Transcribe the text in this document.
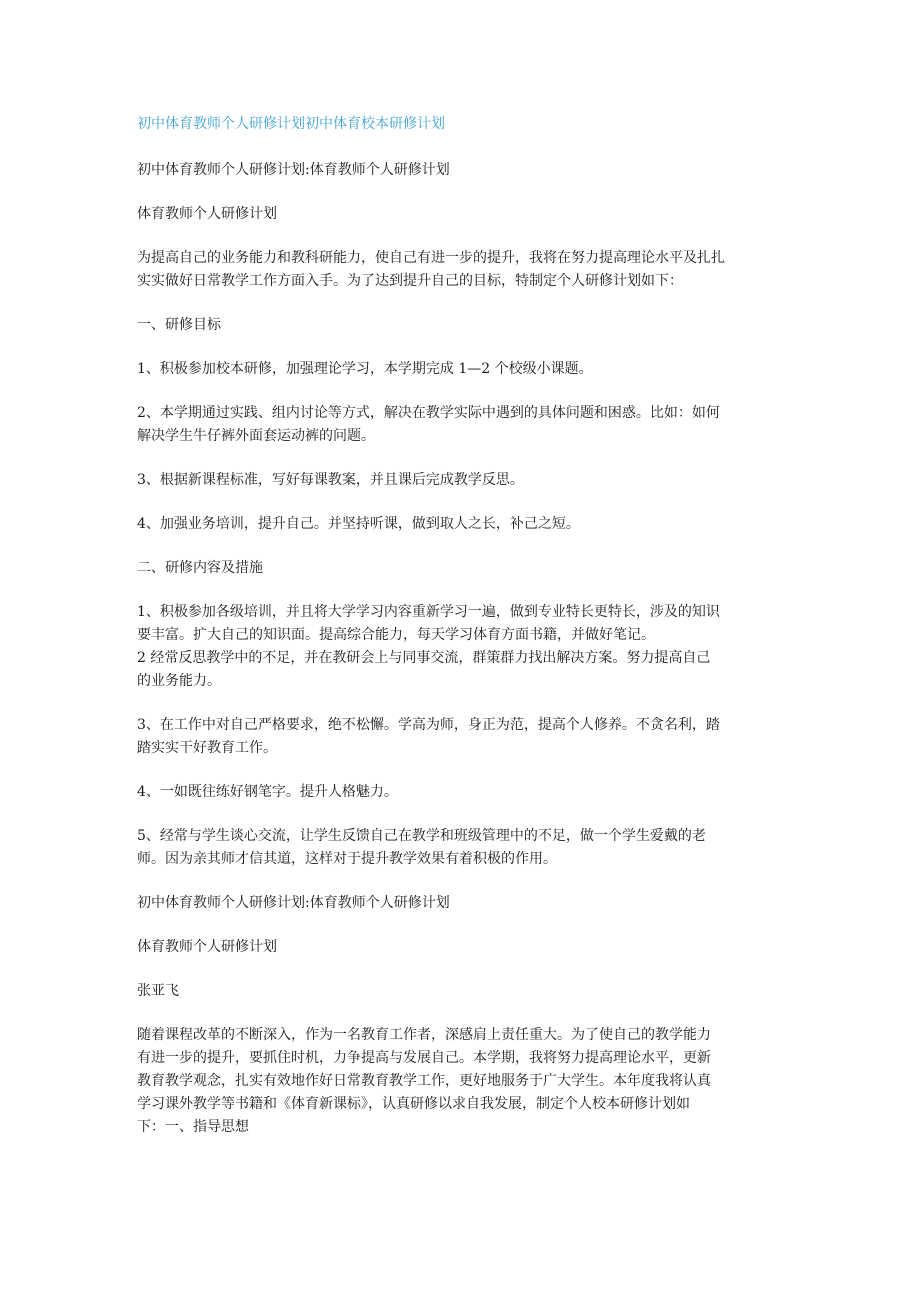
初中体育教师个人研修计划初中体育校本研修计划

初中体育教师个人研修计划:体育教师个人研修计划

体育教师个人研修计划

为提高自己的业务能力和教科研能力，使自己有进一步的提升，我将在努力提高理论水平及扎扎
实实做好日常教学工作方面入手。为了达到提升自己的目标，特制定个人研修计划如下：

一、研修目标

1、积极参加校本研修，加强理论学习，本学期完成 1—2 个校级小课题。

2、本学期通过实践、组内讨论等方式，解决在教学实际中遇到的具体问题和困惑。比如：如何
解决学生牛仔裤外面套运动裤的问题。

3、根据新课程标准，写好每课教案，并且课后完成教学反思。

4、加强业务培训，提升自己。并坚持听课，做到取人之长，补己之短。

二、研修内容及措施

1、积极参加各级培训，并且将大学学习内容重新学习一遍，做到专业特长更特长，涉及的知识
要丰富。扩大自己的知识面。提高综合能力，每天学习体育方面书籍，并做好笔记。
2 经常反思教学中的不足，并在教研会上与同事交流，群策群力找出解决方案。努力提高自己
的业务能力。

3、在工作中对自己严格要求，绝不松懈。学高为师，身正为范，提高个人修养。不贪名利，踏
踏实实干好教育工作。

4、一如既往练好钢笔字。提升人格魅力。

5、经常与学生谈心交流，让学生反馈自己在教学和班级管理中的不足，做一个学生爱戴的老
师。因为亲其师才信其道，这样对于提升教学效果有着积极的作用。

初中体育教师个人研修计划:体育教师个人研修计划

体育教师个人研修计划

张亚飞

随着课程改革的不断深入，作为一名教育工作者，深感肩上责任重大。为了使自己的教学能力
有进一步的提升，要抓住时机，力争提高与发展自己。本学期，我将努力提高理论水平，更新
教育教学观念，扎实有效地作好日常教育教学工作，更好地服务于广大学生。本年度我将认真
学习课外教学等书籍和《体育新课标》，认真研修以求自我发展，制定个人校本研修计划如
下：一、指导思想
